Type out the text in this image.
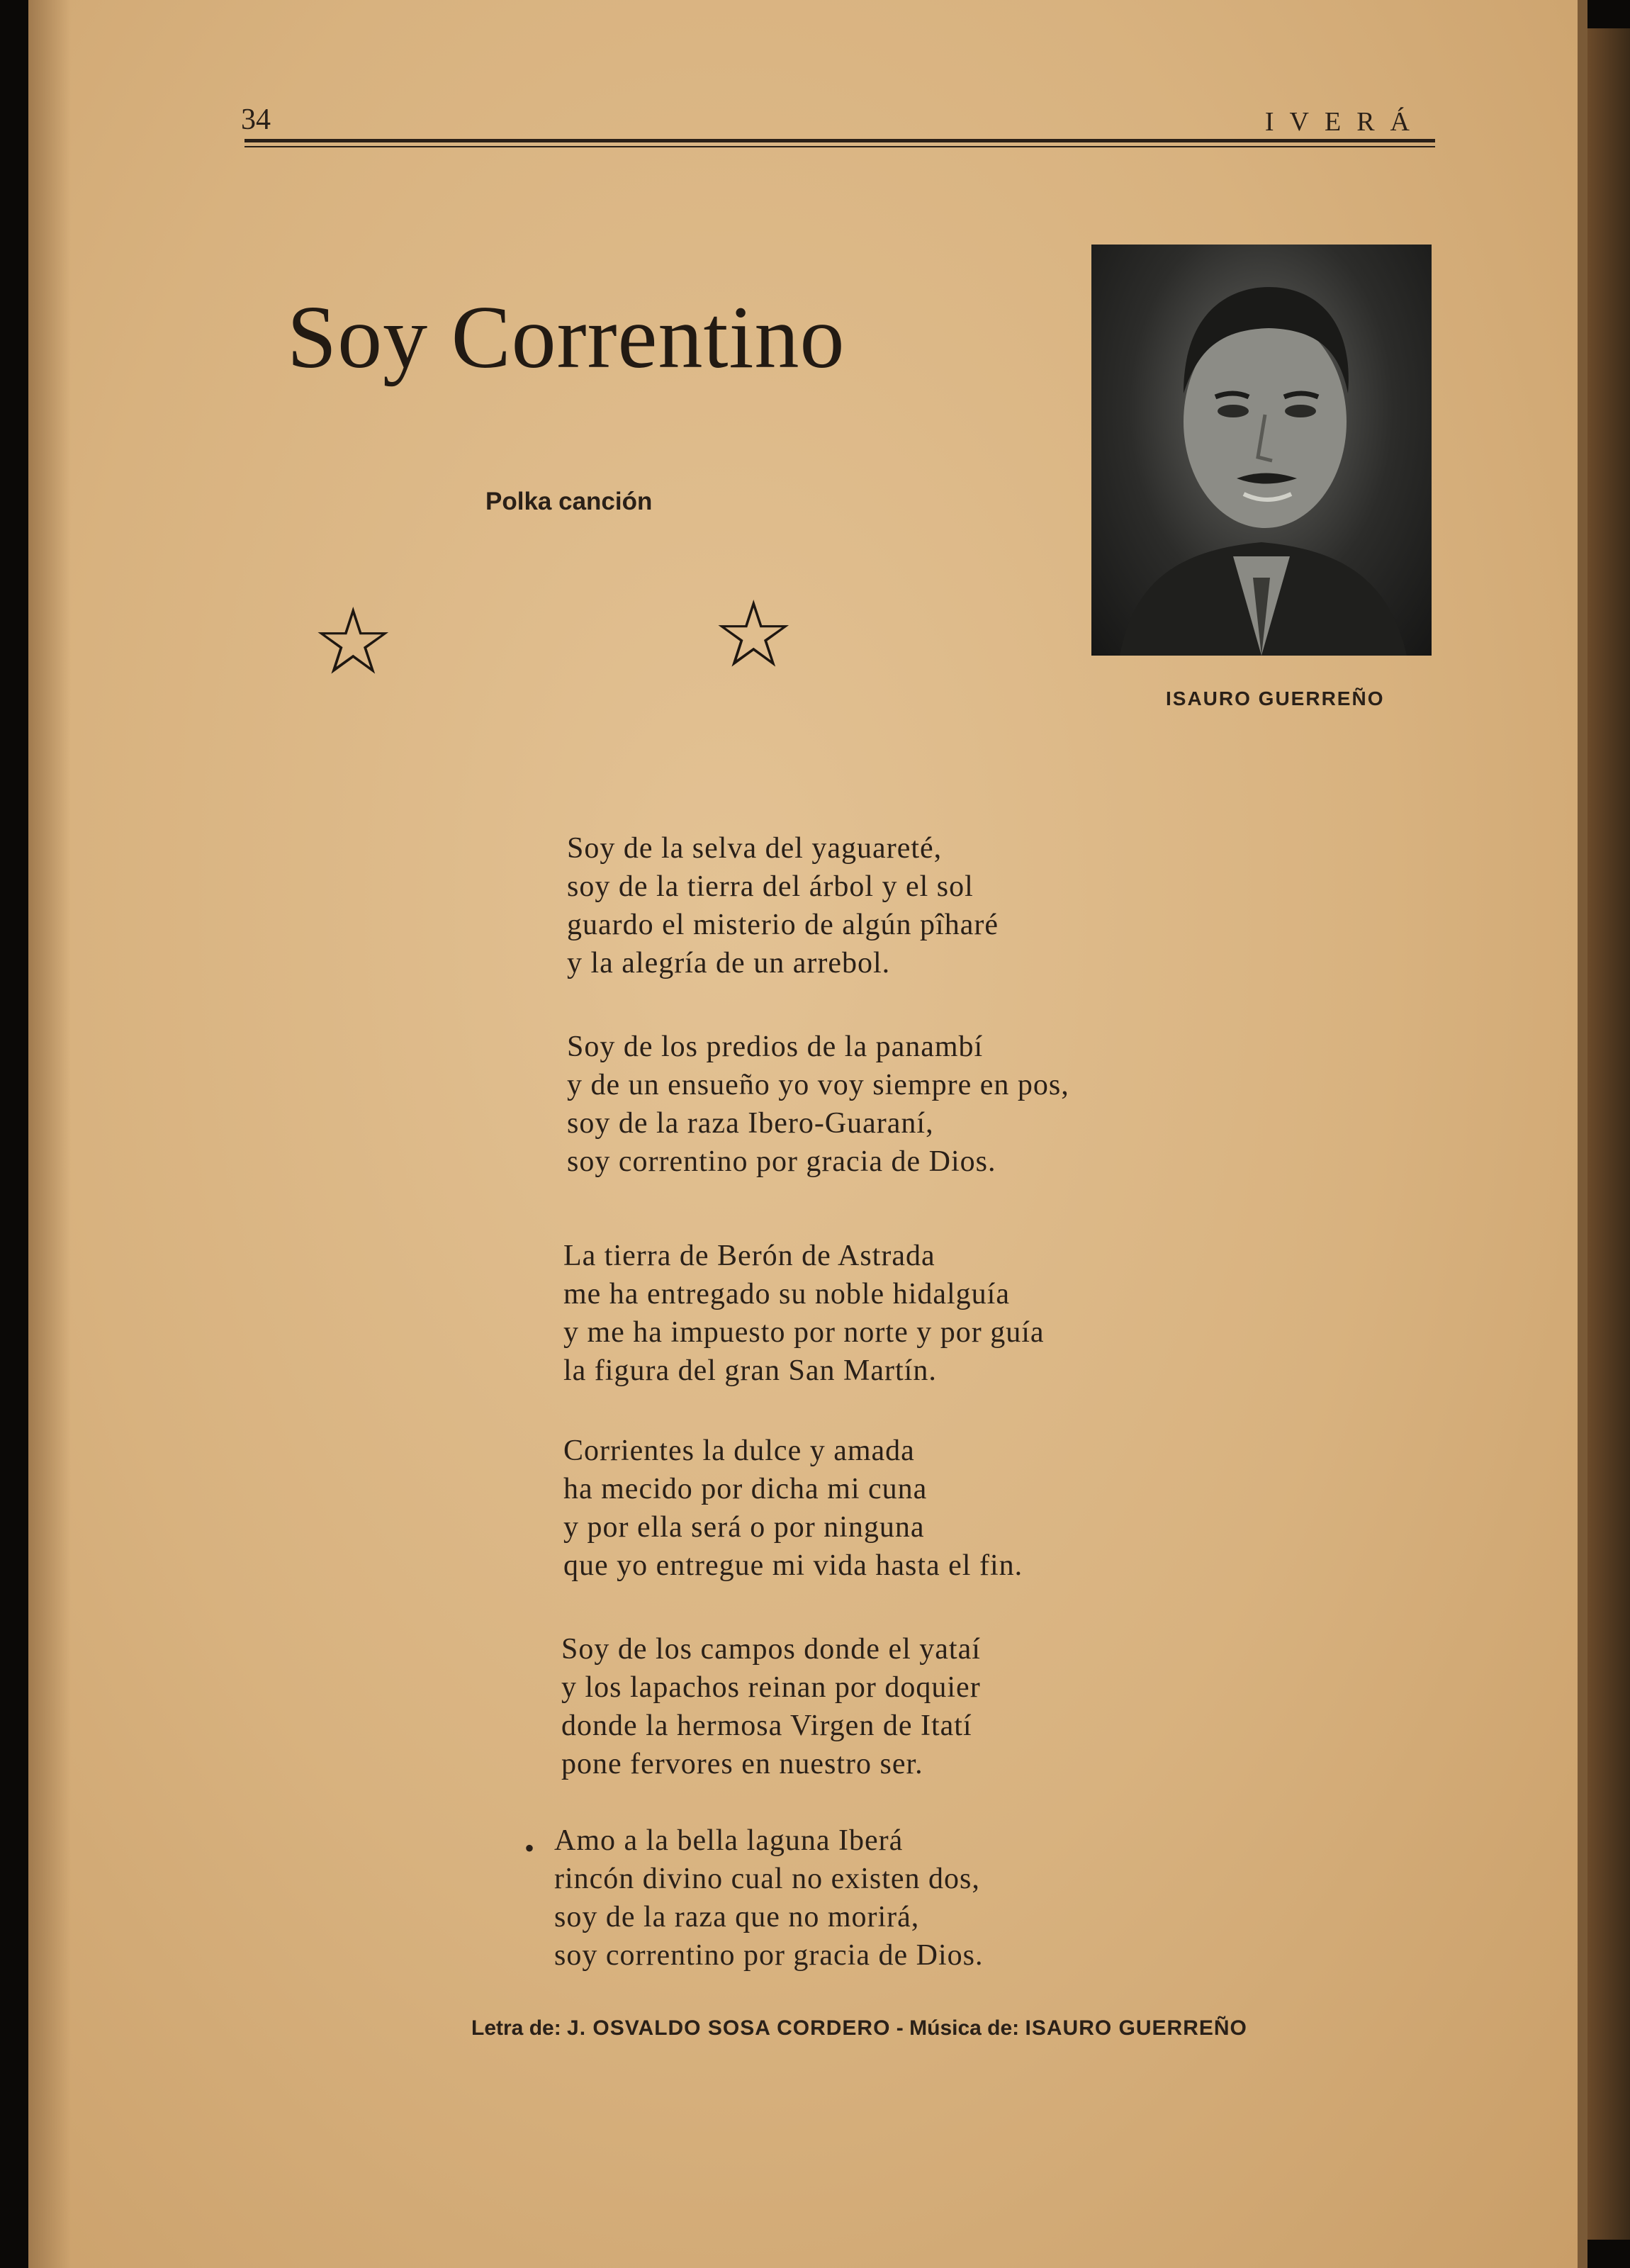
34	IVERÁ
Soy Correntino
Polka canción
☆	☆
ISAURO GUERREÑO
Soy de la selva del yaguareté,
soy de la tierra del árbol y el sol
guardo el misterio de algún pîharé
y la alegría de un arrebol.
Soy de los predios de la panambí
y de un ensueño yo voy siempre en pos,
soy de la raza Ibero-Guaraní,
soy correntino por gracia de Dios.
La tierra de Berón de Astrada
me ha entregado su noble hidalguía
y me ha impuesto por norte y por guía
la figura del gran San Martín.
Corrientes la dulce y amada
ha mecido por dicha mi cuna
y por ella será o por ninguna
que yo entregue mi vida hasta el fin.
Soy de los campos donde el yataí
y los lapachos reinan por doquier
donde la hermosa Virgen de Itatí
pone fervores en nuestro ser.
• Amo a la bella laguna Iberá
rincón divino cual no existen dos,
soy de la raza que no morirá,
soy correntino por gracia de Dios.
Letra de: J. OSVALDO SOSA CORDERO - Música de: ISAURO GUERREÑO
